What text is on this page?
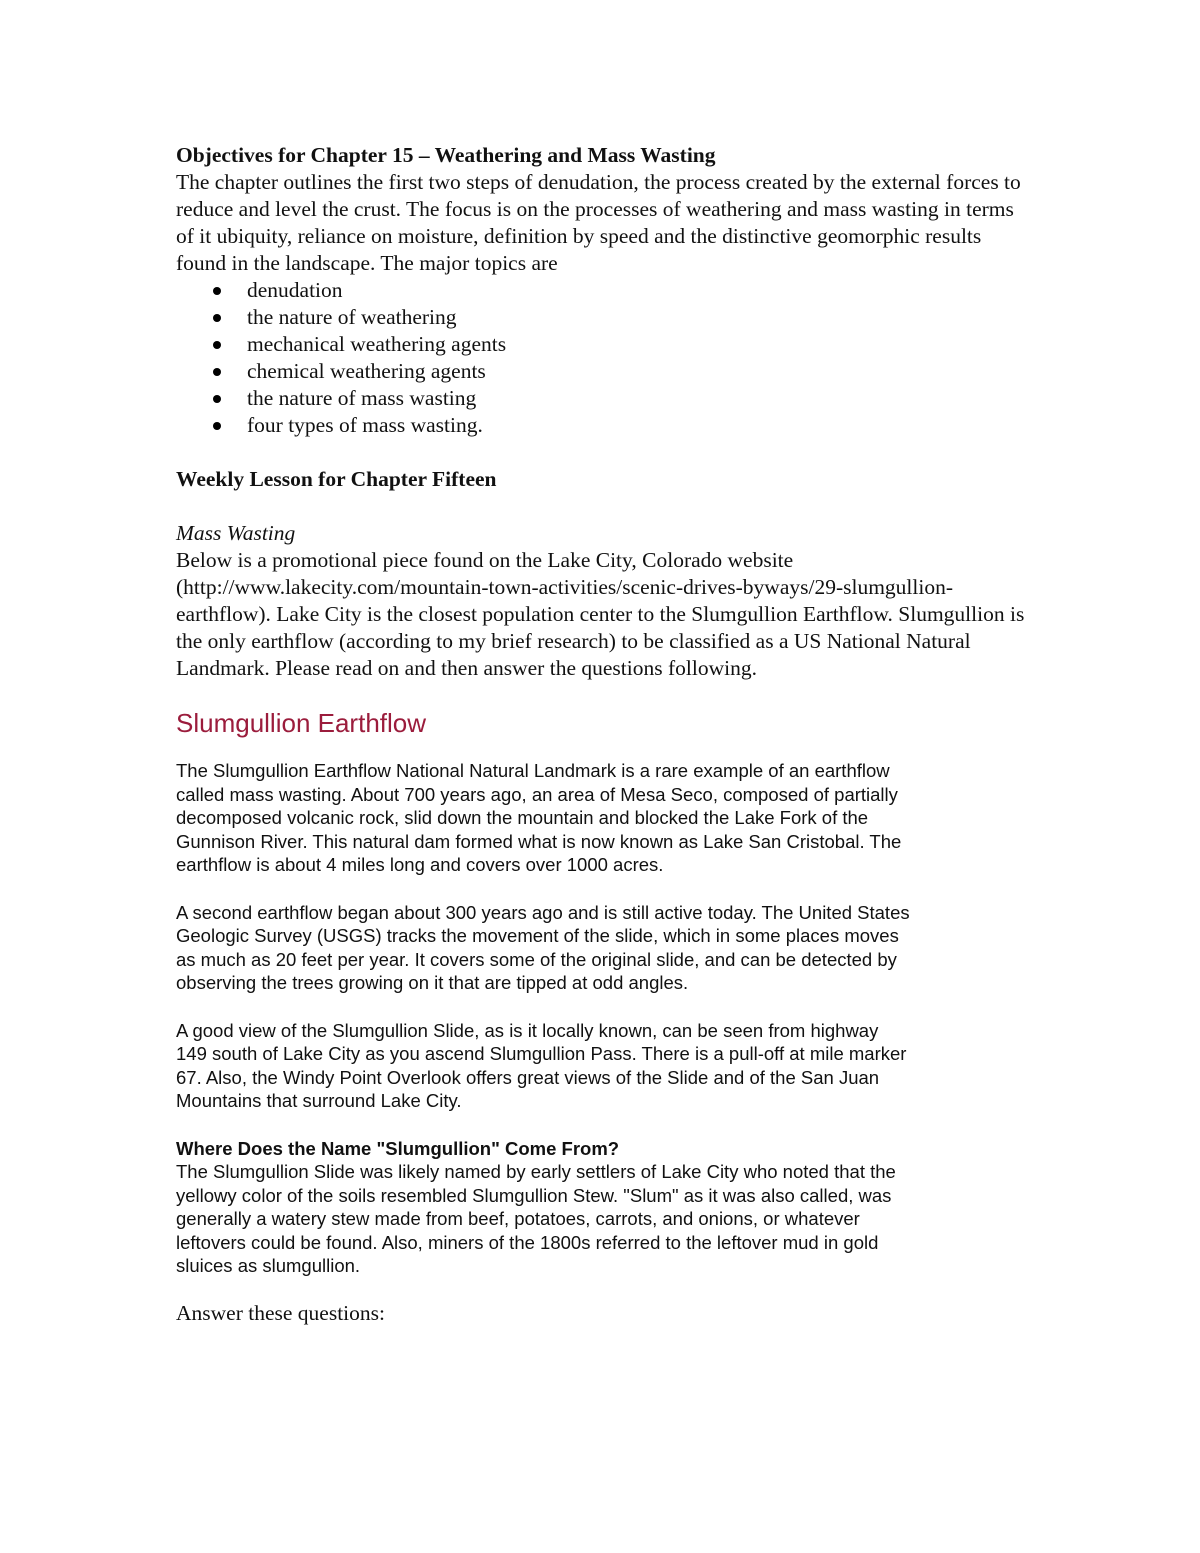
Objectives for Chapter 15 – Weathering and Mass Wasting

The chapter outlines the first two steps of denudation, the process created by the external forces to reduce and level the crust. The focus is on the processes of weathering and mass wasting in terms of it ubiquity, reliance on moisture, definition by speed and the distinctive geomorphic results found in the landscape. The major topics are

denudation
the nature of weathering
mechanical weathering agents
chemical weathering agents
the nature of mass wasting
four types of mass wasting.
Weekly Lesson for Chapter Fifteen

Mass Wasting

Below is a promotional piece found on the Lake City, Colorado website (http://www.lakecity.com/mountain-town-activities/scenic-drives-byways/29-slumgullion-earthflow). Lake City is the closest population center to the Slumgullion Earthflow. Slumgullion is the only earthflow (according to my brief research) to be classified as a US National Natural Landmark. Please read on and then answer the questions following.

Slumgullion Earthflow

The Slumgullion Earthflow National Natural Landmark is a rare example of an earthflow called mass wasting. About 700 years ago, an area of Mesa Seco, composed of partially decomposed volcanic rock, slid down the mountain and blocked the Lake Fork of the Gunnison River. This natural dam formed what is now known as Lake San Cristobal. The earthflow is about 4 miles long and covers over 1000 acres.

A second earthflow began about 300 years ago and is still active today. The United States Geologic Survey (USGS) tracks the movement of the slide, which in some places moves as much as 20 feet per year. It covers some of the original slide, and can be detected by observing the trees growing on it that are tipped at odd angles.

A good view of the Slumgullion Slide, as is it locally known, can be seen from highway 149 south of Lake City as you ascend Slumgullion Pass. There is a pull-off at mile marker 67. Also, the Windy Point Overlook offers great views of the Slide and of the San Juan Mountains that surround Lake City.

Where Does the Name "Slumgullion" Come From?

The Slumgullion Slide was likely named by early settlers of Lake City who noted that the yellowy color of the soils resembled Slumgullion Stew. "Slum" as it was also called, was generally a watery stew made from beef, potatoes, carrots, and onions, or whatever leftovers could be found. Also, miners of the 1800s referred to the leftover mud in gold sluices as slumgullion.

Answer these questions:
